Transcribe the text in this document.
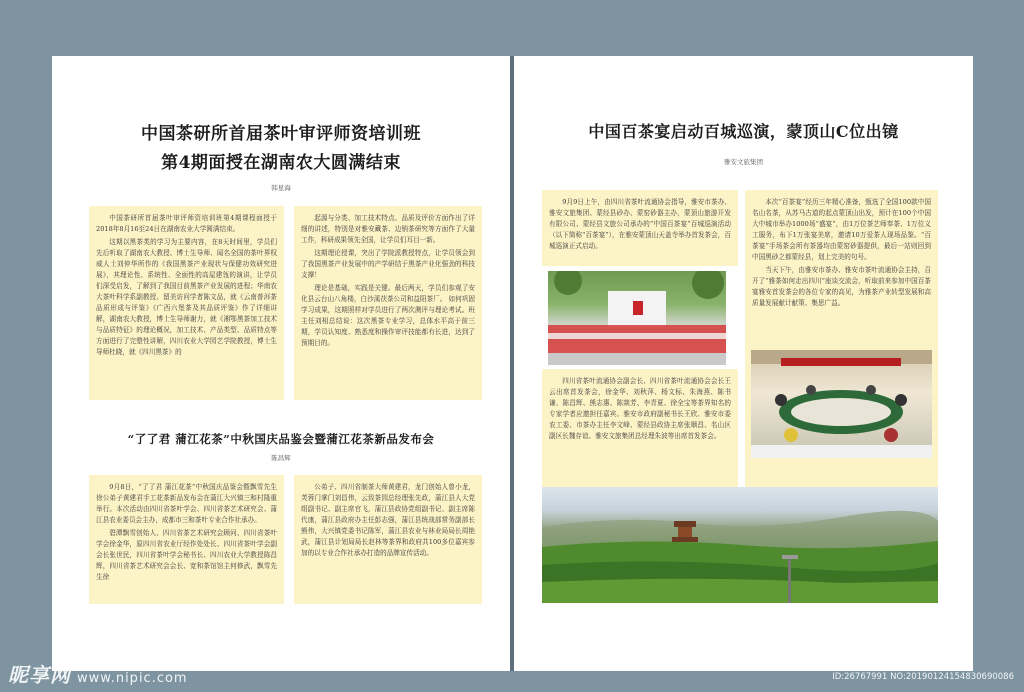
中国茶研所首届茶叶审评师资培训班
第4期面授在湖南农大圆满结束
韩星海

中国茶研所首届茶叶审评师资培训班第4期课程面授于2018年8月16至24日在湖南农业大学圆满结束。

这期以黑茶类的学习为主要内容，在8天时间里，学员们先后听取了湖南农大教授、博士生导师、闻名全国的茶叶界权威人士刘仲华所作的《我国黑茶产业现状与保健功效研究进展》，其理论性、系统性、全面性的高屋建瓴的演讲，让学员们深受启发，了解到了我国目前黑茶产业发展的进程；华南农大茶叶科学系副教授、留美访问学者陈文品，就《云南普洱茶品质形成与评鉴》《广西六堡茶及其品质评鉴》作了详细讲解，湖南农大教授，博士生导师谢力，就《湘鄂黑茶加工技术与品质特征》的理论概况，加工技术、产品类型、品质特点等方面进行了完整性讲解，四川农业大学园艺学院教授，博士生导师杜晓，就《四川黑茶》的

起源与分类、加工技术特点、品质及评价方面作出了详细的讲述，特别是对雅安藏茶、边销茶研究等方面作了大量工作，科研成果领先全国，让学员们耳目一新。

这期理论授课，突出了学院派教授特点，让学员领会到了我国黑茶产业发展中的产学研结于黑茶产业化强劲的科技支撑！

理论是基础，实践是关键。最后两天，学员们参观了安化县云台山八角楼，白沙溪茯茶公司和益阳茶厂。 如何巩固学习成果，这期照样对学员进行了两次测评与理论考试。班主任刘相总结说：这次黑茶专业学习，总体水平高于前三期，学员认知度、熟悉度和操作审评技能都有长进，达到了预期目的。

“了了君 蒲江花茶”中秋国庆品鉴会暨蒲江花茶新品发布会
陈昌辉

9月8日，“了了君 蒲江花茶”中秋国庆品鉴会暨飘雪先生徐公弟子黄建君手工花茶新品发布会在蒲江大兴镇三和村隆重举行。本次活动由四川省茶叶学会、四川省茶艺术研究会、蒲江县农业委员会主办，成都市三和茶叶专业合作社承办。

碧潭飘雪创始人、四川省茶艺术研究会顾问、四川省茶叶学会徐金华，原四川省农业厅经作处处长、四川省茶叶学会副会长张世民，四川省茶叶学会秘书长、四川农业大学教授陈昌辉，四川省茶艺术研究会会长、宽和茶馆馆主何修武，飘雪先生徐

公弟子、四川省制茶大师黄建君，龙门创始人曾小龙，芙蓉门掌门刘昌伟，云致茶园总经理张先政，蒲江县人大党组副书记、副主席官飞，蒲江县政协党组副书记、副主席陈代康，蒲江县政府办主任彭志强，蒲江县统战部常务副部长熊伟，大兴镇党委书记陈军，蒲江县农业与林业局局长周艳武，蒲江县计划局局长赵林等茶界和政府共100多位嘉宾参加的以专业合作社承办打造的品牌宣传活动。

中国百茶宴启动百城巡演，蒙顶山C位出镜
雅安文旅集团

9月9日上午，由四川省茶叶流通协会指导，雅安市茶办、雅安文旅集团、蒙经县砂办、蒙窑砂器主办，蒙顶山旅游开发有限公司、蒙经县文旅公司承办的“中国百茶宴”百城巡演活动（以下简称“百茶宴”），在雅安蒙顶山天盖寺举办首发茶会，百城巡演正式启动。

四川省茶叶流通协会副会长、四川省茶叶流通协会会长王云出席首发茶会，徐金华、刘秋萍、杨文标、朱海燕、陈书谦、陈昌辉、熊志惠、陈燚芳、李青夏、徐全宝等茶界知名的专家学者应邀担任嘉宾。雅安市政府副秘书长王欣、雅安市委农工委、市茶办主任李文峰、蒙经县政协主席张顺昌、名山区副区长魏存谊、雅安文旅集团总经理朱波等出席首发茶会。

本次“百茶宴”经历三年精心准备，甄选了全国100款中国名山名茶，从苏马古道的起点蒙顶山出发，预计在100个中国大中城市举办1000场“盛宴”，由1万位茶艺师奉茶、1万位义工服务，布下1万张宴美席，邀请10万爱茶人现场品鉴。“百茶宴”手场茶会所有茶器均由蒙窑砂器提供，最后一站则回到中国黑砂之都蒙经县，划上完美的句号。

当天下午，由雅安市茶办、雅安市茶叶流通协会主持，召开了“雅茶如何走出四川”座谈交流会，听取前来参加中国百茶宴雅安首发茶会的各位专家的高见，为雅茶产业转型发展和高质量发展献计献策、集思广益。

昵享网 www.nipic.com	ID:26767991 NO:20190124154830690086
